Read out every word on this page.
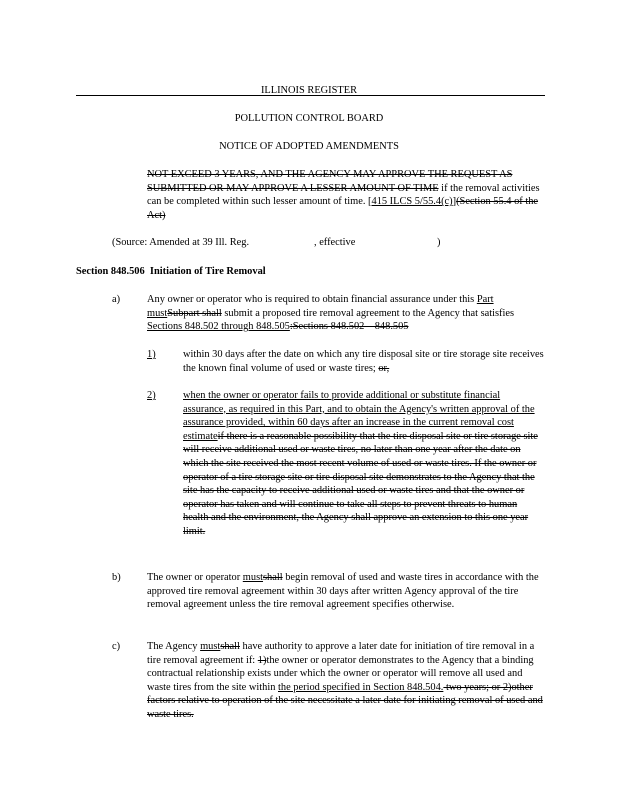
ILLINOIS REGISTER
POLLUTION CONTROL BOARD
NOTICE OF ADOPTED AMENDMENTS
NOT EXCEED 3 YEARS, AND THE AGENCY MAY APPROVE THE REQUEST AS SUBMITTED OR MAY APPROVE A LESSER AMOUNT OF TIME if the removal activities can be completed within such lesser amount of time. [415 ILCS 5/55.4(c)](Section 55.4 of the Act)
(Source: Amended at 39 Ill. Reg.	, effective	)
Section 848.506 Initiation of Tire Removal
a)	Any owner or operator who is required to obtain financial assurance under this Part mustSubpart shall submit a proposed tire removal agreement to the Agency that satisfies Sections 848.502 through 848.505:Sections 848.502 – 848.505
1)	within 30 days after the date on which any tire disposal site or tire storage site receives the known final volume of used or waste tires; or,
2)	when the owner or operator fails to provide additional or substitute financial assurance, as required in this Part, and to obtain the Agency's written approval of the assurance provided, within 60 days after an increase in the current removal cost estimateif there is a reasonable possibility that the tire disposal site or tire storage site will receive additional used or waste tires, no later than one year after the date on which the site received the most recent volume of used or waste tires. If the owner or operator of a tire storage site or tire disposal site demonstrates to the Agency that the site has the capacity to receive additional used or waste tires and that the owner or operator has taken and will continue to take all steps to prevent threats to human health and the environment, the Agency shall approve an extension to this one year limit.
b)	The owner or operator mustshall begin removal of used and waste tires in accordance with the approved tire removal agreement within 30 days after written Agency approval of the tire removal agreement unless the tire removal agreement specifies otherwise.
c)	The Agency mustshall have authority to approve a later date for initiation of tire removal in a tire removal agreement if: 1)the owner or operator demonstrates to the Agency that a binding contractual relationship exists under which the owner or operator will remove all used and waste tires from the site within the period specified in Section 848.504. two years; or 2)other factors relative to operation of the site necessitate a later date for initiating removal of used and waste tires.
